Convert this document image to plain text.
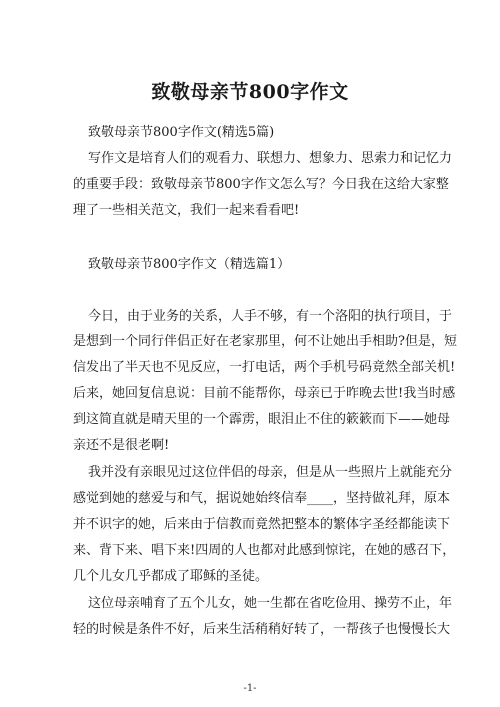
致敬母亲节800字作文
致敬母亲节800字作文(精选5篇)
写作文是培育人们的观看力、联想力、想象力、思索力和记忆力
的重要手段：致敬母亲节800字作文怎么写？今日我在这给大家整
理了一些相关范文，我们一起来看看吧!
致敬母亲节800字作文（精选篇1）
今日，由于业务的关系，人手不够，有一个洛阳的执行项目，于
是想到一个同行伴侣正好在老家那里，何不让她出手相助?但是，短
信发出了半天也不见反应，一打电话，两个手机号码竟然全部关机!
后来，她回复信息说：目前不能帮你，母亲已于昨晚去世!我当时感
到这简直就是晴天里的一个霹雳，眼泪止不住的簌簌而下——她母
亲还不是很老啊!
我并没有亲眼见过这位伴侣的母亲，但是从一些照片上就能充分
感觉到她的慈爱与和气，据说她始终信奉____，坚持做礼拜，原本
并不识字的她，后来由于信教而竟然把整本的繁体字圣经都能读下
来、背下来、唱下来!四周的人也都对此感到惊诧，在她的感召下，
几个儿女几乎都成了耶稣的圣徒。
这位母亲哺育了五个儿女，她一生都在省吃俭用、操劳不止，年
轻的时候是条件不好，后来生活稍稍好转了，一帮孩子也慢慢长大
-1-
